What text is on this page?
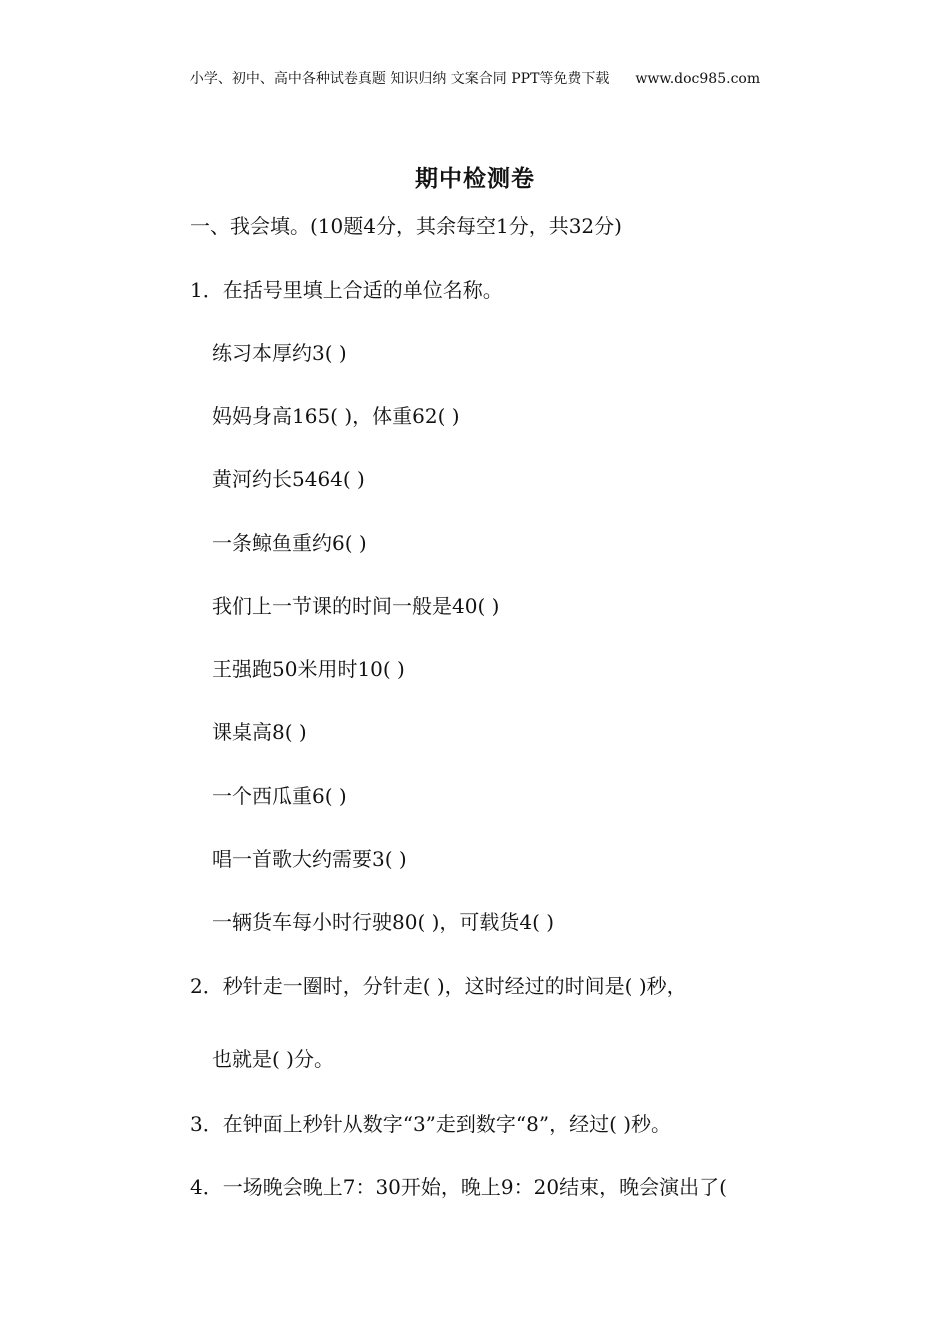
小学、初中、高中各种试卷真题 知识归纳 文案合同 PPT等免费下载 www.doc985.com
期中检测卷
一、我会填。(10题4分，其余每空1分，共32分)
1．在括号里填上合适的单位名称。
练习本厚约3( )
妈妈身高165( )，体重62( )
黄河约长5464( )
一条鲸鱼重约6( )
我们上一节课的时间一般是40( )
王强跑50米用时10( )
课桌高8( )
一个西瓜重6( )
唱一首歌大约需要3( )
一辆货车每小时行驶80( )，可载货4( )
2．秒针走一圈时，分针走( )，这时经过的时间是( )秒，
也就是( )分。
3．在钟面上秒针从数字“3”走到数字“8”，经过( )秒。
4．一场晚会晚上7：30开始，晚上9：20结束，晚会演出了(
